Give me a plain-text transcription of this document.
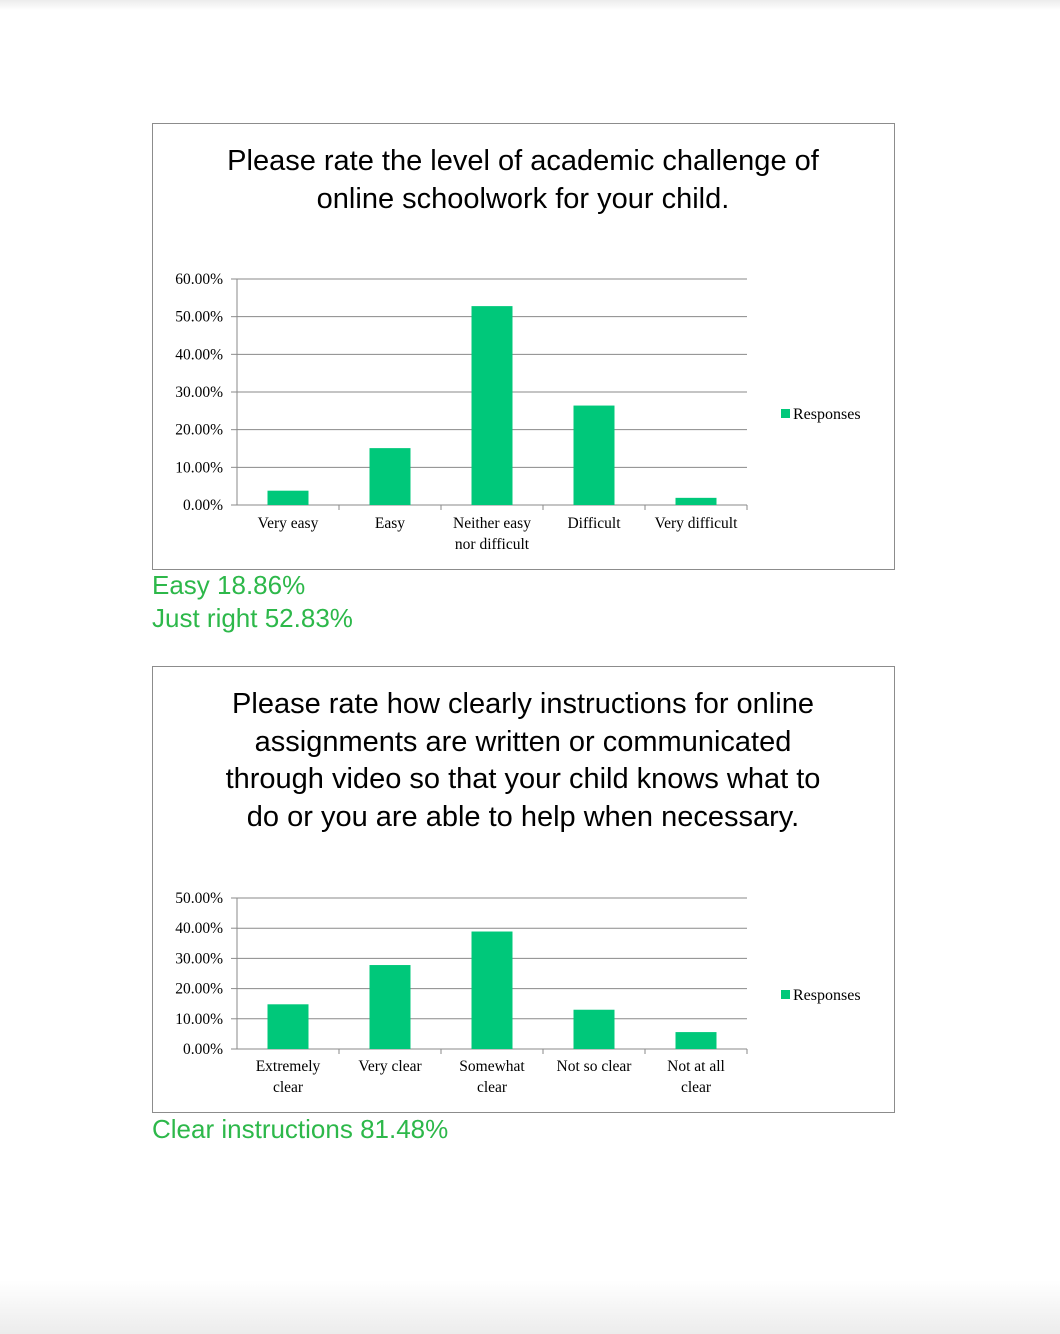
Please rate the level of academic challenge of online schoolwork for your child.

0.00%
10.00%
20.00%
30.00%
40.00%
50.00%
60.00%
Very easy	Easy	Neither easy nor difficult
Difficult Very difficult
Responses

Easy 18.86%

Just right 52.83%

Please rate how clearly instructions for online assignments are written or communicated through video so that your child knows what to do or you are able to help when necessary.

0.00%
10.00%
20.00%
30.00%
40.00%
50.00%
Extremely clear
Very clear Somewhat clear
Not so clear Not at all clear
Responses

Clear instructions 81.48%
